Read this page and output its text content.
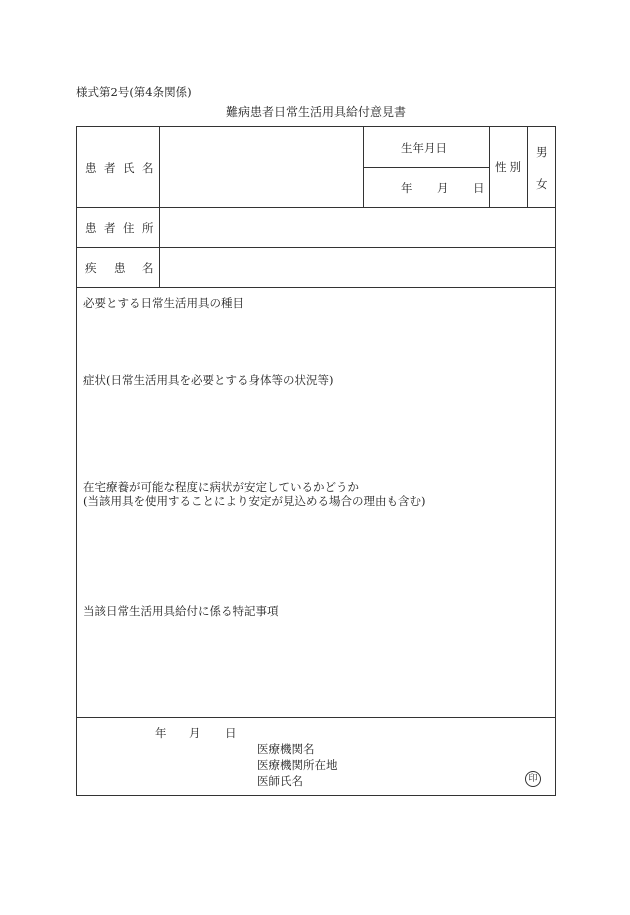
様式第2号(第4条関係)
難病患者日常生活用具給付意見書
患 者 氏 名
生年月日
年 月 日
性別
男
女
患 者 住 所
疾 患 名
必要とする日常生活用具の種目
症状(日常生活用具を必要とする身体等の状況等)
在宅療養が可能な程度に病状が安定しているかどうか
(当該用具を使用することにより安定が見込める場合の理由も含む)
当該日常生活用具給付に係る特記事項
年 月 日
医療機関名
医療機関所在地
医師氏名	印
